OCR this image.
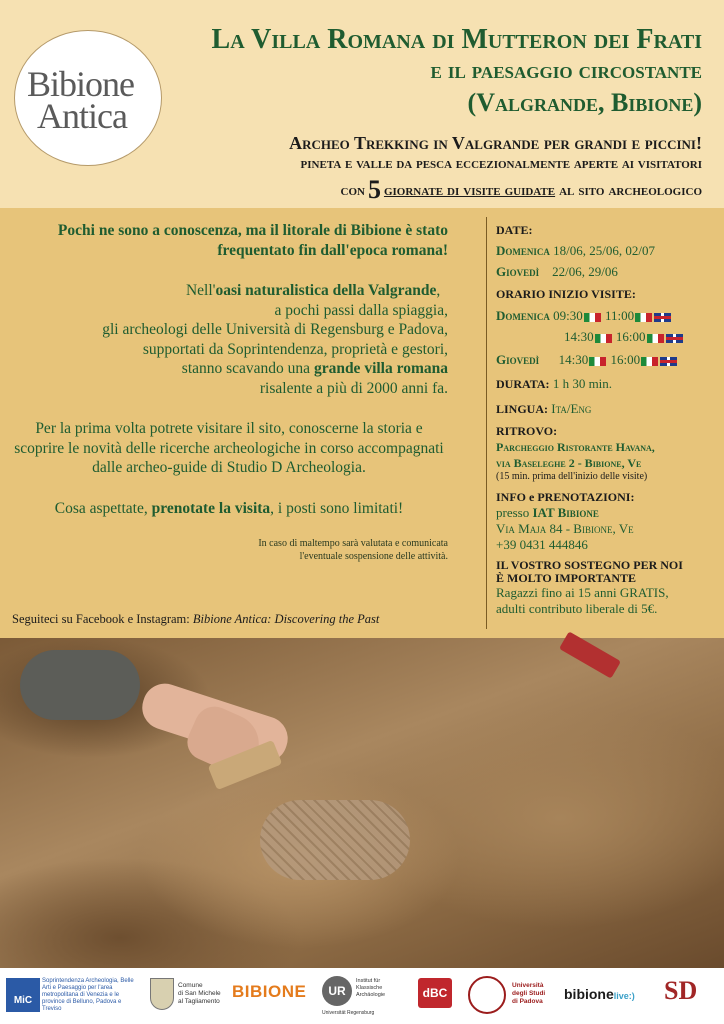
Bibione
Antica
La Villa Romana di Mutteron dei Frati
e il paesaggio circostante
(Valgrande, Bibione)
Archeo Trekking in Valgrande per grandi e piccini!
pineta e valle da pesca eccezionalmente aperte ai visitatori
con 5 giornate di visite guidate al sito archeologico
Pochi ne sono a conoscenza, ma il litorale di Bibione è stato frequentato fin dall'epoca romana!
Nell'oasi naturalistica della Valgrande,
a pochi passi dalla spiaggia,
gli archeologi delle Università di Regensburg e Padova,
supportati da Soprintendenza, proprietà e gestori,
stanno scavando una grande villa romana
risalente a più di 2000 anni fa.
Per la prima volta potrete visitare il sito, conoscerne la storia e scoprire le novità delle ricerche archeologiche in corso accompagnati dalle archeo-guide di Studio D Archeologia.
Cosa aspettate, prenotate la visita, i posti sono limitati!
In caso di maltempo sarà valutata e comunicata
l'eventuale sospensione delle attività.
Seguiteci su Facebook e Instagram: Bibione Antica: Discovering the Past
DATE:
Domenica 18/06, 25/06, 02/07
Giovedì 22/06, 29/06
ORARIO INIZIO VISITE:
Domenica 09:30 11:00
14:30 16:00
Giovedì 14:30 16:00
DURATA: 1 h 30 min.
LINGUA: Ita/Eng
RITROVO:
Parcheggio Ristorante Havana,
via Baseleghe 2 - Bibione, Ve
(15 min. prima dell'inizio delle visite)
INFO e PRENOTAZIONI:
presso IAT Bibione
Via Maja 84 - Bibione, Ve
+39 0431 444846
IL VOSTRO SOSTEGNO PER NOI
È MOLTO IMPORTANTE
Ragazzi fino ai 15 anni GRATIS,
adulti contributo liberale di 5€.
MiC
Soprintendenza Archeologia, Belle Arti e Paesaggio per l'area metropolitana di Venezia e le province di Belluno, Padova e Treviso
Comune
di San Michele
al Tagliamento
BIBIONE	UR
Institut für
Klassische
Archäologie
Universität Regensburg
dBC
Università
degli Studi
di Padova bibionelive:) SD
